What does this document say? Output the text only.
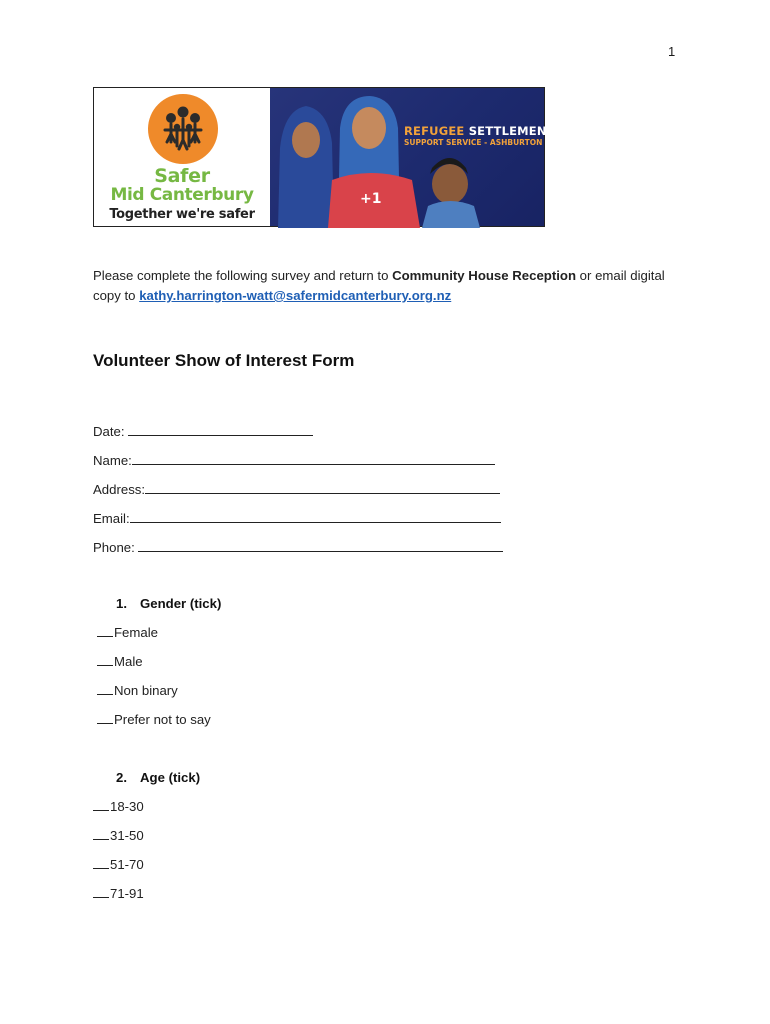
1
Safer
Mid Canterbury
Together we're safer
+1
REFUGEE SETTLEMENT
SUPPORT SERVICE - ASHBURTON
Please complete the following survey and return to Community House Reception or email digital copy to kathy.harrington-watt@safermidcanterbury.org.nz
Volunteer Show of Interest Form
Date:
Name:
Address:
Email:
Phone:
1. Gender (tick)
Female
Male
Non binary
Prefer not to say
2. Age (tick)
18-30
31-50
51-70
71-91
